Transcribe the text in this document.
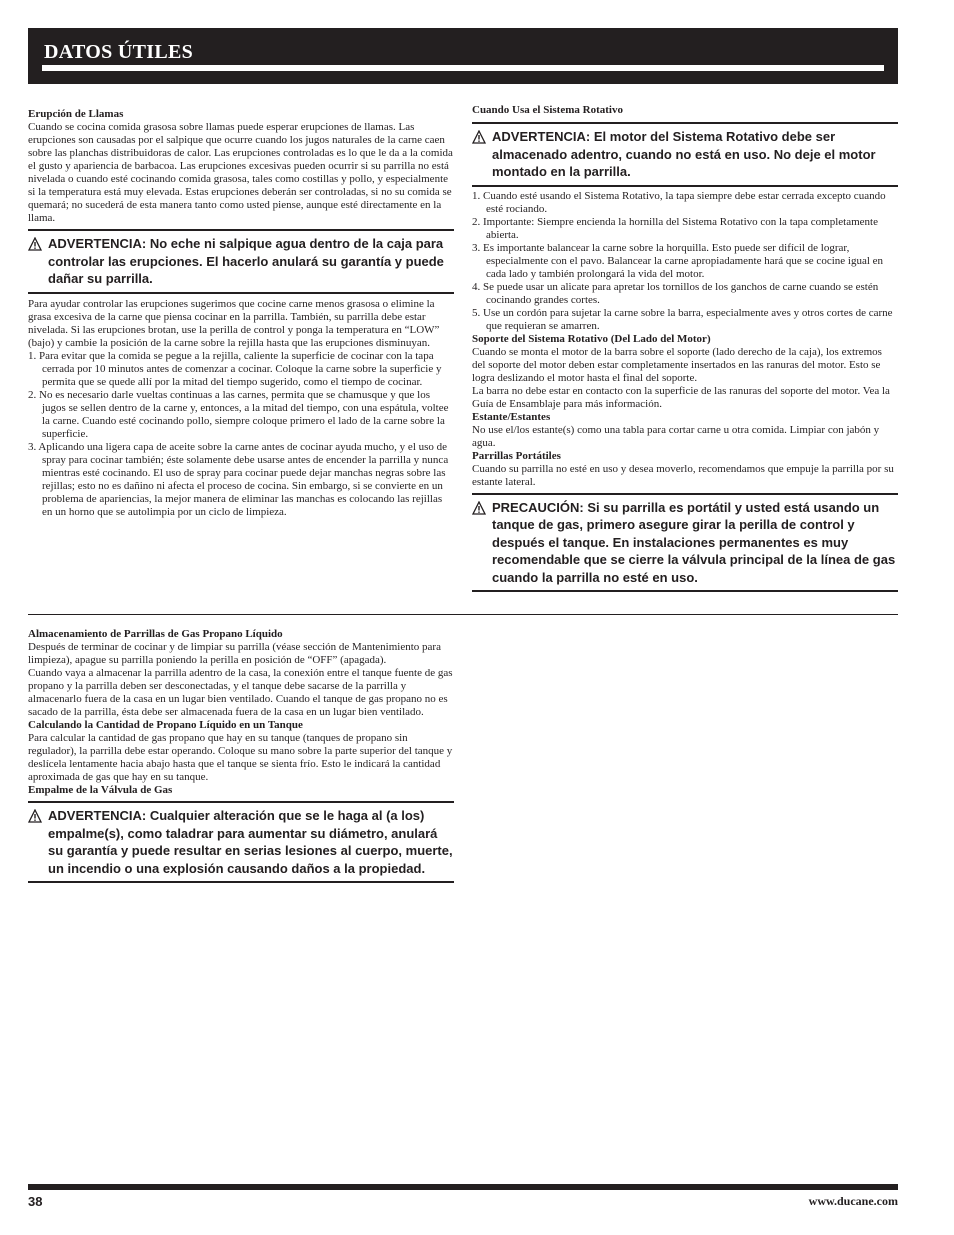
DATOS ÚTILES
Erupción de Llamas

Cuando se cocina comida grasosa sobre llamas puede esperar erupciones de llamas. Las erupciones son causadas por el salpique que ocurre cuando los jugos naturales de la carne caen sobre las planchas distribuidoras de calor. Las erupciones controladas es lo que le da a la comida el gusto y apariencia de barbacoa. Las erupciones excesivas pueden ocurrir si su parrilla no está nivelada o cuando esté cocinando comida grasosa, tales como costillas y pollo, y especialmente si la temperatura está muy elevada. Estas erupciones deberán ser controladas, si no su comida se quemará; no sucederá de esta manera tanto como usted piense, aunque esté directamente en la llama.

ADVERTENCIA: No eche ni salpique agua dentro de la caja para controlar las erupciones. El hacerlo anulará su garantía y puede dañar su parrilla.

Para ayudar controlar las erupciones sugerimos que cocine carne menos grasosa o elimine la grasa excesiva de la carne que piensa cocinar en la parrilla. También, su parrilla debe estar nivelada. Si las erupciones brotan, use la perilla de control y ponga la temperatura en “LOW” (bajo) y cambie la posición de la carne sobre la rejilla hasta que las erupciones disminuyan.

1. Para evitar que la comida se pegue a la rejilla, caliente la superficie de cocinar con la tapa cerrada por 10 minutos antes de comenzar a cocinar. Coloque la carne sobre la superficie y permita que se quede allí por la mitad del tiempo sugerido, como el tiempo de cocinar.
2. No es necesario darle vueltas continuas a las carnes, permita que se chamusque y que los jugos se sellen dentro de la carne y, entonces, a la mitad del tiempo, con una espátula, voltee la carne. Cuando esté cocinando pollo, siempre coloque primero el lado de la carne sobre la superficie.
3. Aplicando una ligera capa de aceite sobre la carne antes de cocinar ayuda mucho, y el uso de spray para cocinar también; éste solamente debe usarse antes de encender la parrilla y nunca mientras esté cocinando. El uso de spray para cocinar puede dejar manchas negras sobre las rejillas; esto no es dañino ni afecta el proceso de cocina. Sin embargo, si se convierte en un problema de apariencias, la mejor manera de eliminar las manchas es colocando las rejillas en un horno que se autolimpia por un ciclo de limpieza.
Cuando Usa el Sistema Rotativo
ADVERTENCIA: El motor del Sistema Rotativo debe ser almacenado adentro, cuando no está en uso. No deje el motor montado en la parrilla.
1. Cuando esté usando el Sistema Rotativo, la tapa siempre debe estar cerrada excepto cuando esté rociando.
2. Importante: Siempre encienda la hornilla del Sistema Rotativo con la tapa completamente abierta.
3. Es importante balancear la carne sobre la horquilla. Esto puede ser difícil de lograr, especialmente con el pavo. Balancear la carne apropiadamente hará que se cocine igual en cada lado y también prolongará la vida del motor.
4. Se puede usar un alicate para apretar los tornillos de los ganchos de carne cuando se estén cocinando grandes cortes.
5. Use un cordón para sujetar la carne sobre la barra, especialmente aves y otros cortes de carne que requieran se amarren.
Soporte del Sistema Rotativo (Del Lado del Motor)

Cuando se monta el motor de la barra sobre el soporte (lado derecho de la caja), los extremos del soporte del motor deben estar completamente insertados en las ranuras del motor. Esto se logra deslizando el motor hasta el final del soporte.

La barra no debe estar en contacto con la superficie de las ranuras del soporte del motor. Vea la Guía de Ensamblaje para más información.

Estante/Estantes

No use el/los estante(s) como una tabla para cortar carne u otra comida. Limpiar con jabón y agua.

Parrillas Portátiles

Cuando su parrilla no esté en uso y desea moverlo, recomendamos que empuje la parrilla por su estante lateral.

PRECAUCIÓN: Si su parrilla es portátil y usted está usando un tanque de gas, primero asegure girar la perilla de control y después el tanque. En instalaciones permanentes es muy recomendable que se cierre la válvula principal de la línea de gas cuando la parrilla no esté en uso.
Almacenamiento de Parrillas de Gas Propano Líquido

Después de terminar de cocinar y de limpiar su parrilla (véase sección de Mantenimiento para limpieza), apague su parrilla poniendo la perilla en posición de “OFF” (apagada).

Cuando vaya a almacenar la parrilla adentro de la casa, la conexión entre el tanque fuente de gas propano y la parrilla deben ser desconectadas, y el tanque debe sacarse de la parrilla y almacenarlo fuera de la casa en un lugar bien ventilado. Cuando el tanque de gas propano no es sacado de la parrilla, ésta debe ser almacenada fuera de la casa en un lugar bien ventilado.

Calculando la Cantidad de Propano Líquido en un Tanque

Para calcular la cantidad de gas propano que hay en su tanque (tanques de propano sin regulador), la parrilla debe estar operando. Coloque su mano sobre la parte superior del tanque y deslícela lentamente hacia abajo hasta que el tanque se sienta frío. Esto le indicará la cantidad aproximada de gas que hay en su tanque.

Empalme de la Válvula de Gas
ADVERTENCIA: Cualquier alteración que se le haga al (a los) empalme(s), como taladrar para aumentar su diámetro, anulará su garantía y puede resultar en serias lesiones al cuerpo, muerte, un incendio o una explosión causando daños a la propiedad.
38	www.ducane.com
